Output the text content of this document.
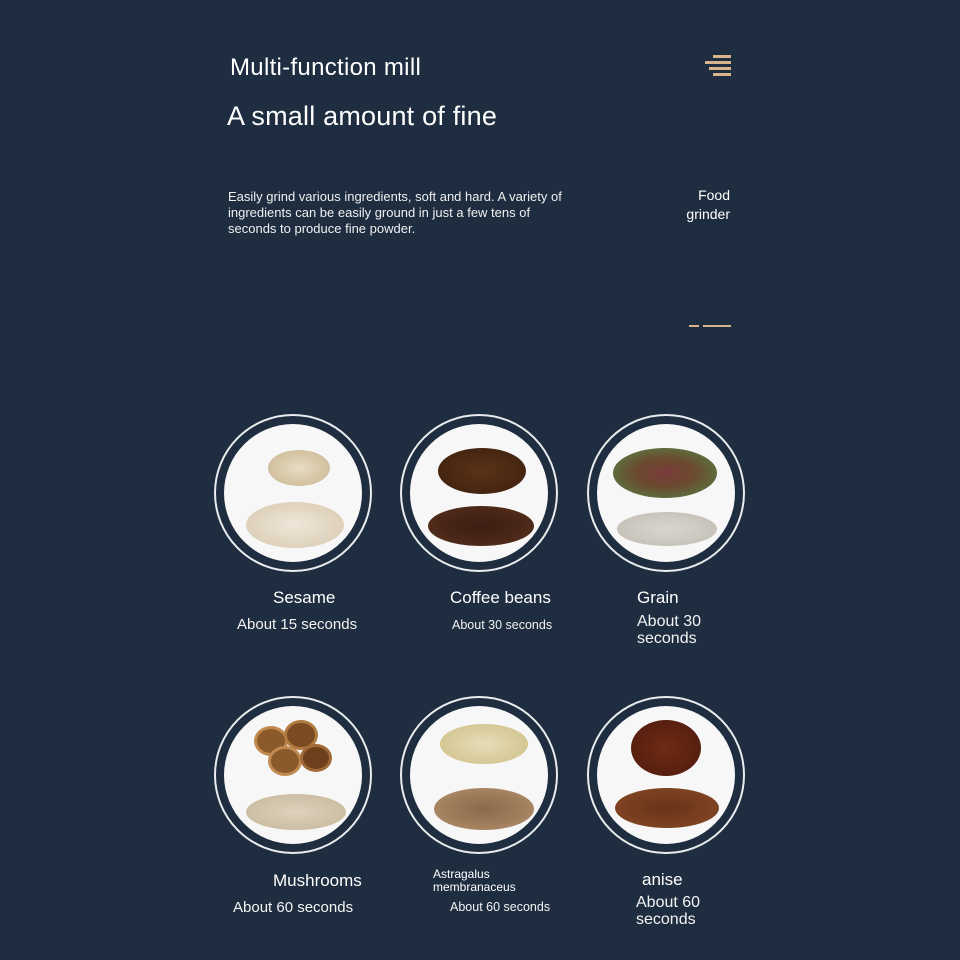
Multi-function mill
A small amount of fine
Easily grind various ingredients, soft and hard. A variety of ingredients can be easily ground in just a few tens of seconds to produce fine powder.
Food
grinder
Sesame
About 15 seconds
Coffee beans
About 30 seconds
Grain
About 30 seconds
Mushrooms
About 60 seconds
Astragalus membranaceus
About 60 seconds
anise
About 60 seconds
